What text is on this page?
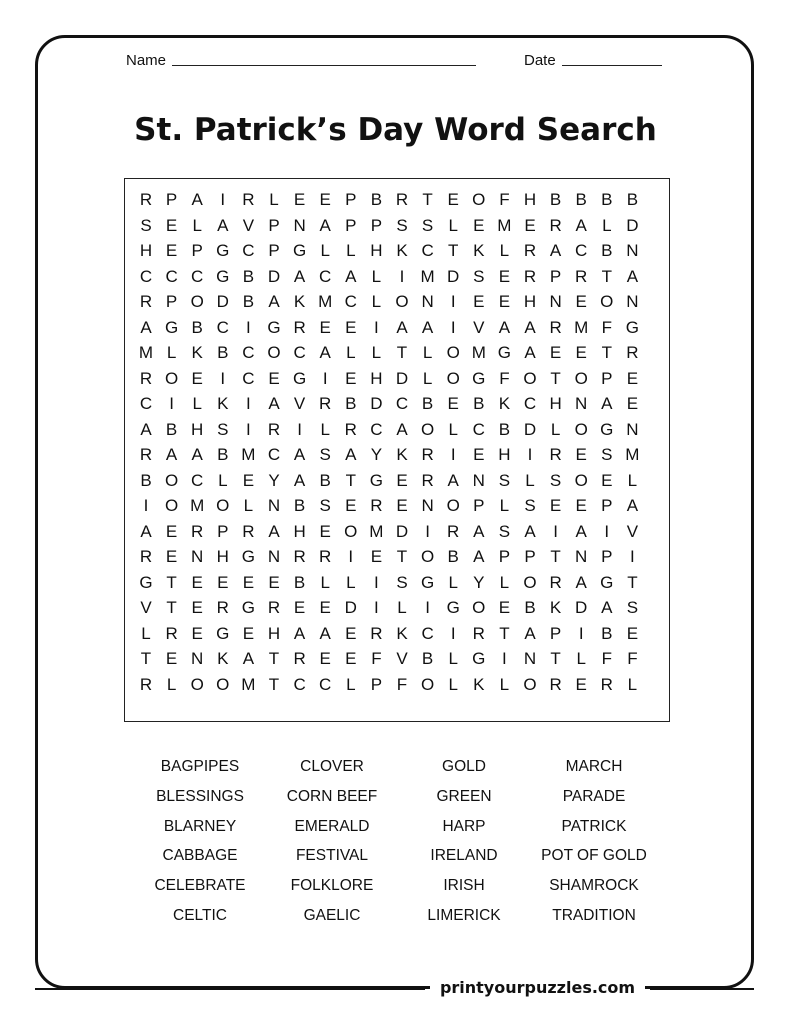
Name	Date
St. Patrick’s Day Word Search
R P A	I	R L E E P B R T E O F H B B B B
S E L A V P N A P P S S L E M E R A L D
H E P G C P G L L H K C T K L R A C B N
C C C G B D A C A L	I M D S E R P R T A
R P O D B A K M C L O N	I	E E H N E O N
A G B C	I G R E E	I	A A	I	V A A R M F G
M L K B C O C A L L T L O M G A E E T R
R O E	I	C E G I	E H D L O G F O T O P E
C	I	L K	I	A V R B D C B E B K C H N A E
A B H S	I	R	I	L R C A O L C B D L O G N
R A A B M C A S A Y K R	I	E H	I	R E S M
B O C L E Y A B T G E R A N S L S O E L
I O M O L N B S E R E N O P L S E E P A
A E R P R A H E O M D	I	R A S A	I	A	I	V
R E N H G N R R	I	E T O B A P P T N P	I
G T E E E E B L L	I	S G L Y L O R A G T
V T E R G R E E D	I	L	I G O E B K D A S
L R E G E H A A E R K C	I	R T A P	I	B E
T E N K A T R E E F V B L G I	N T L F F
R L O O M T C C L P F O L K L O R E R L
BAGPIPES	CLOVER	GOLD	MARCH
BLESSINGS	CORN BEEF	GREEN	PARADE
BLARNEY	EMERALD	HARP	PATRICK
CABBAGE	FESTIVAL	IRELAND	POT OF GOLD
CELEBRATE	FOLKLORE	IRISH	SHAMROCK
CELTIC	GAELIC	LIMERICK	TRADITION
printyourpuzzles.com
